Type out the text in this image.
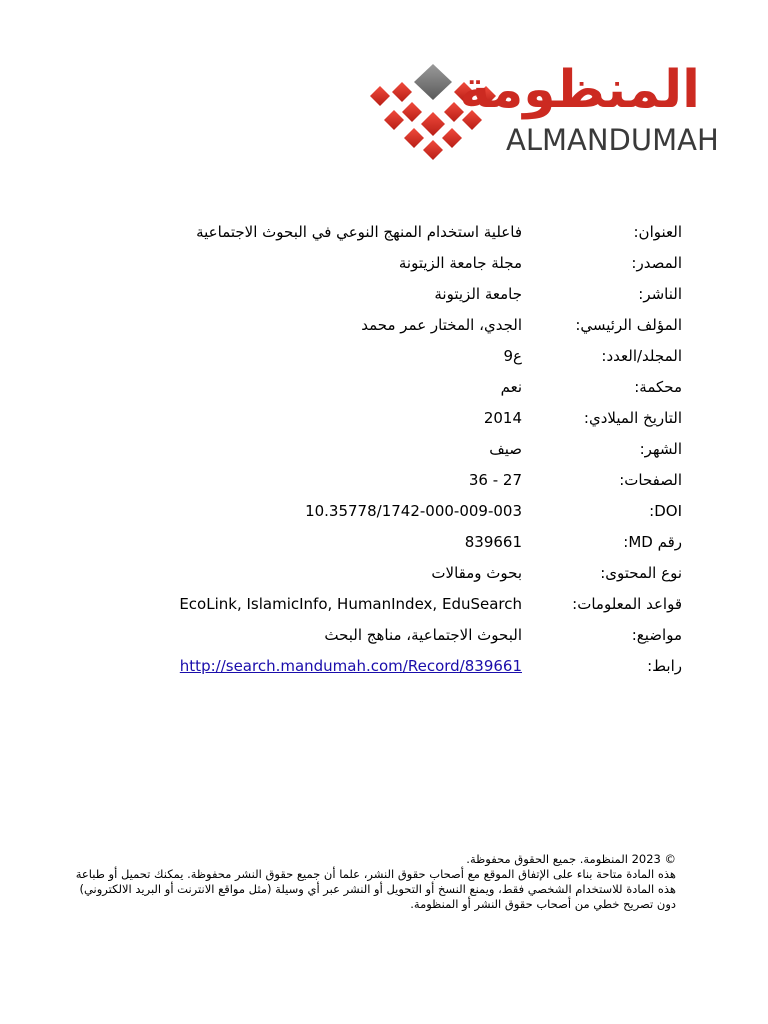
المنظومة
ALMANDUMAH
العنوان:
فاعلية استخدام المنهج النوعي في البحوث الاجتماعية
المصدر:
مجلة جامعة الزيتونة
الناشر:
جامعة الزيتونة
المؤلف الرئيسي:
الجدي، المختار عمر محمد
المجلد/العدد:
ع9
محكمة:
نعم
التاريخ الميلادي:
2014
الشهر:
صيف
الصفحات:
27 - 36
DOI:
10.35778/1742-000-009-003
رقم MD:
839661
نوع المحتوى:
بحوث ومقالات
قواعد المعلومات:
EcoLink, IslamicInfo, HumanIndex, EduSearch
مواضيع:
البحوث الاجتماعية، مناهج البحث
رابط:
http://search.mandumah.com/Record/839661

© 2023 المنظومة. جميع الحقوق محفوظة.

هذه المادة متاحة بناء على الإتفاق الموقع مع أصحاب حقوق النشر، علما أن جميع حقوق النشر محفوظة. يمكنك تحميل أو طباعة هذه المادة للاستخدام الشخصي فقط، ويمنع النسخ أو التحويل أو النشر عبر أي وسيلة (مثل مواقع الانترنت أو البريد الالكتروني) دون تصريح خطي من أصحاب حقوق النشر أو المنظومة.
